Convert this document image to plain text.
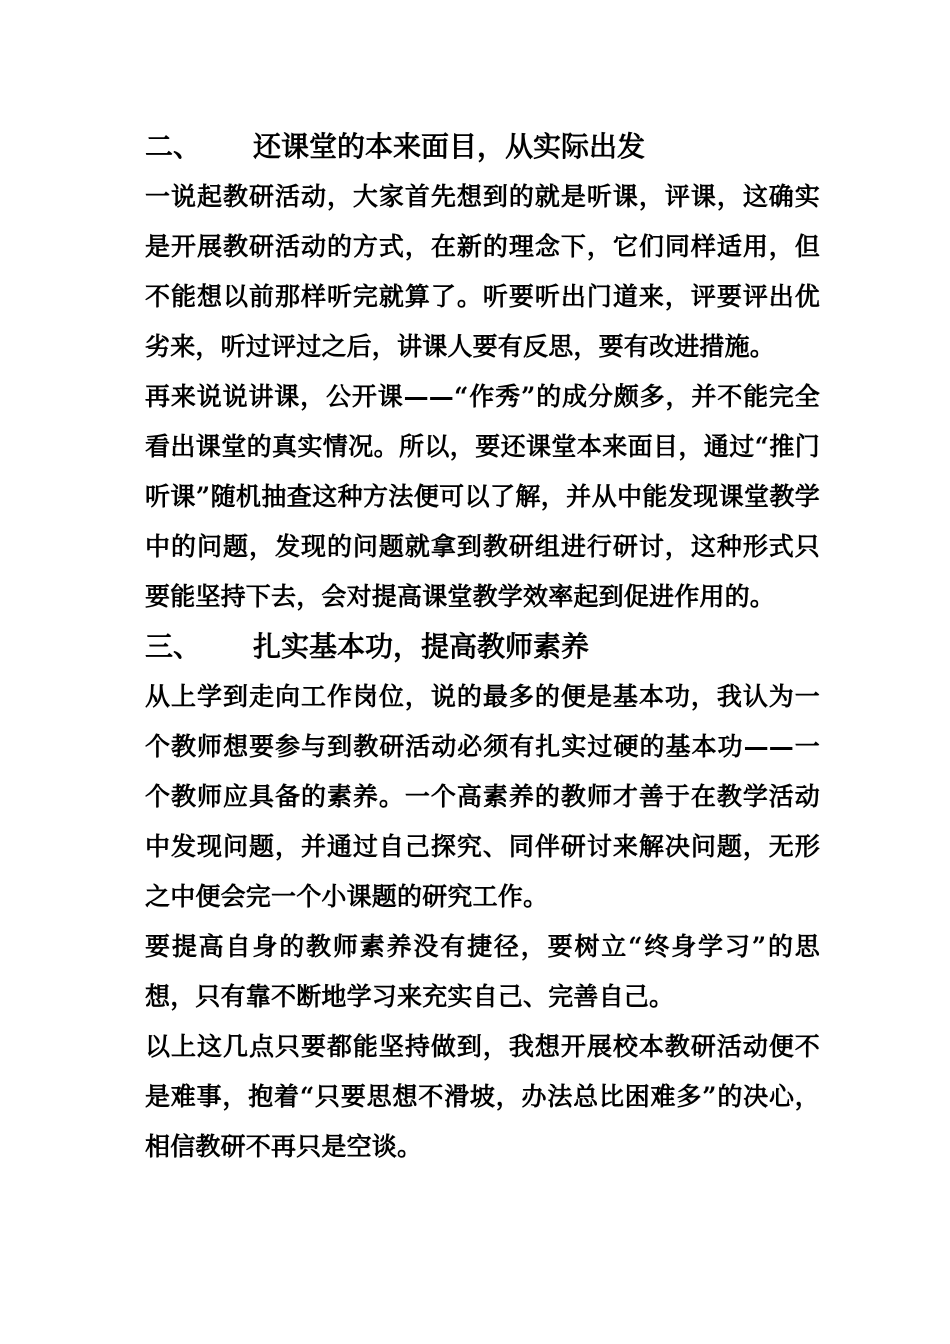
二、 还课堂的本来面目，从实际出发

一说起教研活动，大家首先想到的就是听课，评课，这确实是开展教研活动的方式，在新的理念下，它们同样适用，但不能想以前那样听完就算了。听要听出门道来，评要评出优劣来，听过评过之后，讲课人要有反思，要有改进措施。

再来说说讲课，公开课——“作秀”的成分颇多，并不能完全看出课堂的真实情况。所以，要还课堂本来面目，通过“推门听课”随机抽查这种方法便可以了解，并从中能发现课堂教学中的问题，发现的问题就拿到教研组进行研讨，这种形式只要能坚持下去，会对提高课堂教学效率起到促进作用的。

三、 扎实基本功，提高教师素养

从上学到走向工作岗位，说的最多的便是基本功，我认为一个教师想要参与到教研活动必须有扎实过硬的基本功——一个教师应具备的素养。一个高素养的教师才善于在教学活动中发现问题，并通过自己探究、同伴研讨来解决问题，无形之中便会完一个小课题的研究工作。

要提高自身的教师素养没有捷径，要树立“终身学习”的思想，只有靠不断地学习来充实自己、完善自己。

以上这几点只要都能坚持做到，我想开展校本教研活动便不是难事，抱着“只要思想不滑坡，办法总比困难多”的决心，相信教研不再只是空谈。
